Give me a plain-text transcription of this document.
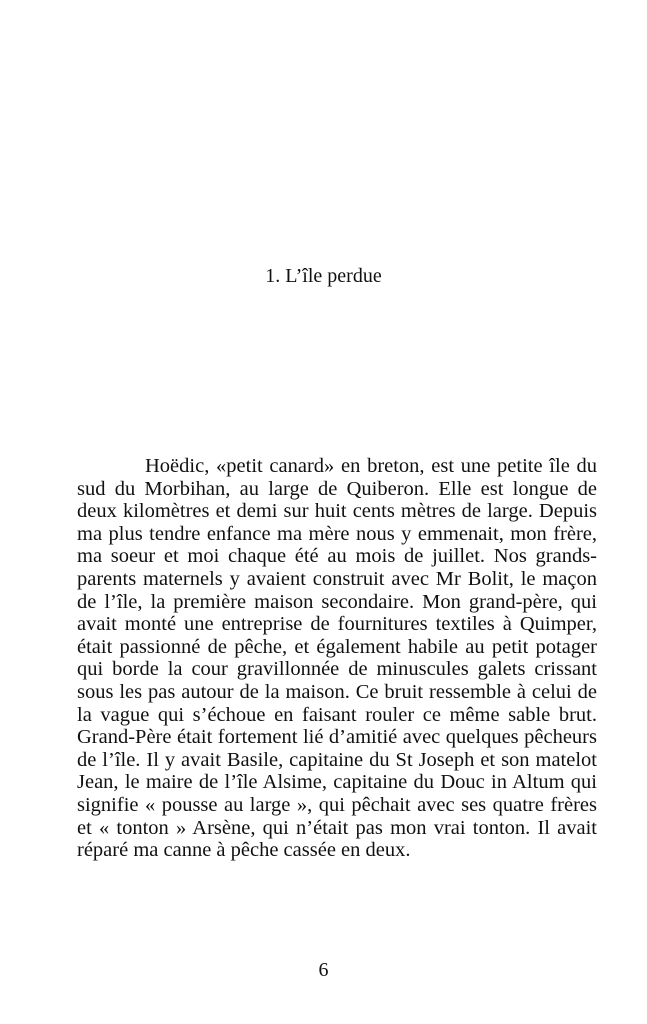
1. L’île perdue

Hoëdic, «petit canard» en breton, est une petite île du sud du Morbihan, au large de Quiberon. Elle est longue de deux kilomètres et demi sur huit cents mètres de large. Depuis ma plus tendre enfance ma mère nous y emmenait, mon frère, ma soeur et moi chaque été au mois de juillet. Nos grands-parents maternels y avaient construit avec Mr Bolit, le maçon de l’île, la première maison secondaire. Mon grand-père, qui avait monté une entreprise de fournitures textiles à Quimper, était passionné de pêche, et également habile au petit potager qui borde la cour gravillonnée de minuscules galets crissant sous les pas autour de la maison. Ce bruit ressemble à celui de la vague qui s’échoue en faisant rouler ce même sable brut. Grand-Père était fortement lié d’amitié avec quelques pêcheurs de l’île. Il y avait Basile, capitaine du St Joseph et son matelot Jean, le maire de l’île Alsime, capitaine du Douc in Altum qui signifie « pousse au large », qui pêchait avec ses quatre frères et « tonton » Arsène, qui n’était pas mon vrai tonton. Il avait réparé ma canne à pêche cassée en deux.

6
